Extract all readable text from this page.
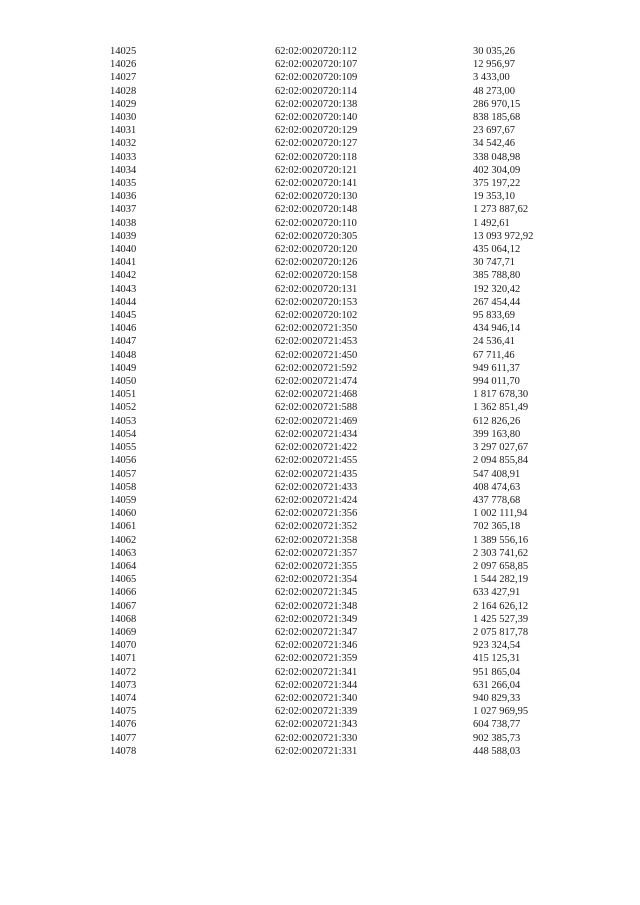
14025	62:02:0020720:112	30 035,26
14026	62:02:0020720:107	12 956,97
14027	62:02:0020720:109	3 433,00
14028	62:02:0020720:114	48 273,00
14029	62:02:0020720:138	286 970,15
14030	62:02:0020720:140	838 185,68
14031	62:02:0020720:129	23 697,67
14032	62:02:0020720:127	34 542,46
14033	62:02:0020720:118	338 048,98
14034	62:02:0020720:121	402 304,09
14035	62:02:0020720:141	375 197,22
14036	62:02:0020720:130	19 353,10
14037	62:02:0020720:148	1 273 887,62
14038	62:02:0020720:110	1 492,61
14039	62:02:0020720:305	13 093 972,92
14040	62:02:0020720:120	435 064,12
14041	62:02:0020720:126	30 747,71
14042	62:02:0020720:158	385 788,80
14043	62:02:0020720:131	192 320,42
14044	62:02:0020720:153	267 454,44
14045	62:02:0020720:102	95 833,69
14046	62:02:0020721:350	434 946,14
14047	62:02:0020721:453	24 536,41
14048	62:02:0020721:450	67 711,46
14049	62:02:0020721:592	949 611,37
14050	62:02:0020721:474	994 011,70
14051	62:02:0020721:468	1 817 678,30
14052	62:02:0020721:588	1 362 851,49
14053	62:02:0020721:469	612 826,26
14054	62:02:0020721:434	399 163,80
14055	62:02:0020721:422	3 297 027,67
14056	62:02:0020721:455	2 094 855,84
14057	62:02:0020721:435	547 408,91
14058	62:02:0020721:433	408 474,63
14059	62:02:0020721:424	437 778,68
14060	62:02:0020721:356	1 002 111,94
14061	62:02:0020721:352	702 365,18
14062	62:02:0020721:358	1 389 556,16
14063	62:02:0020721:357	2 303 741,62
14064	62:02:0020721:355	2 097 658,85
14065	62:02:0020721:354	1 544 282,19
14066	62:02:0020721:345	633 427,91
14067	62:02:0020721:348	2 164 626,12
14068	62:02:0020721:349	1 425 527,39
14069	62:02:0020721:347	2 075 817,78
14070	62:02:0020721:346	923 324,54
14071	62:02:0020721:359	415 125,31
14072	62:02:0020721:341	951 865,04
14073	62:02:0020721:344	631 266,04
14074	62:02:0020721:340	940 829,33
14075	62:02:0020721:339	1 027 969,95
14076	62:02:0020721:343	604 738,77
14077	62:02:0020721:330	902 385,73
14078	62:02:0020721:331	448 588,03
